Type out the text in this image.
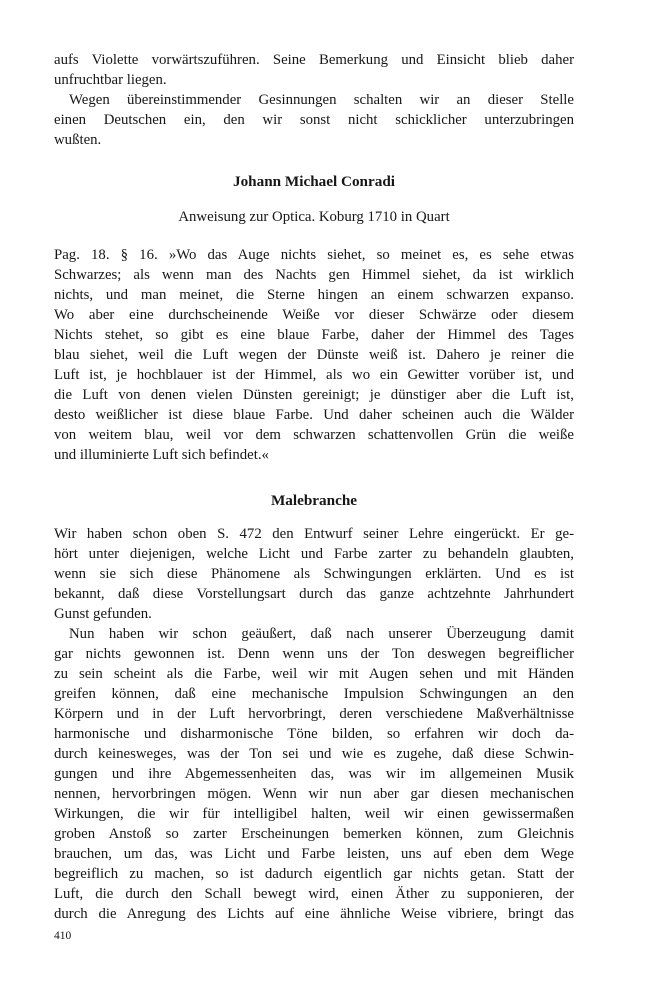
aufs Violette vorwärtszuführen. Seine Bemerkung und Einsicht blieb daher
unfruchtbar liegen.
Wegen übereinstimmender Gesinnungen schalten wir an dieser Stelle
einen Deutschen ein, den wir sonst nicht schicklicher unterzubringen
wußten.
Johann Michael Conradi
Anweisung zur Optica. Koburg 1710 in Quart
Pag. 18. § 16. »Wo das Auge nichts siehet, so meinet es, es sehe etwas
Schwarzes; als wenn man des Nachts gen Himmel siehet, da ist wirklich
nichts, und man meinet, die Sterne hingen an einem schwarzen expanso.
Wo aber eine durchscheinende Weiße vor dieser Schwärze oder diesem
Nichts stehet, so gibt es eine blaue Farbe, daher der Himmel des Tages
blau siehet, weil die Luft wegen der Dünste weiß ist. Dahero je reiner die
Luft ist, je hochblauer ist der Himmel, als wo ein Gewitter vorüber ist, und
die Luft von denen vielen Dünsten gereinigt; je dünstiger aber die Luft ist,
desto weißlicher ist diese blaue Farbe. Und daher scheinen auch die Wälder
von weitem blau, weil vor dem schwarzen schattenvollen Grün die weiße
und illuminierte Luft sich befindet.«
Malebranche
Wir haben schon oben S. 472 den Entwurf seiner Lehre eingerückt. Er ge-
hört unter diejenigen, welche Licht und Farbe zarter zu behandeln glaubten,
wenn sie sich diese Phänomene als Schwingungen erklärten. Und es ist
bekannt, daß diese Vorstellungsart durch das ganze achtzehnte Jahrhundert
Gunst gefunden.
Nun haben wir schon geäußert, daß nach unserer Überzeugung damit
gar nichts gewonnen ist. Denn wenn uns der Ton deswegen begreiflicher
zu sein scheint als die Farbe, weil wir mit Augen sehen und mit Händen
greifen können, daß eine mechanische Impulsion Schwingungen an den
Körpern und in der Luft hervorbringt, deren verschiedene Maßverhältnisse
harmonische und disharmonische Töne bilden, so erfahren wir doch da-
durch keinesweges, was der Ton sei und wie es zugehe, daß diese Schwin-
gungen und ihre Abgemessenheiten das, was wir im allgemeinen Musik
nennen, hervorbringen mögen. Wenn wir nun aber gar diesen mechanischen
Wirkungen, die wir für intelligibel halten, weil wir einen gewissermaßen
groben Anstoß so zarter Erscheinungen bemerken können, zum Gleichnis
brauchen, um das, was Licht und Farbe leisten, uns auf eben dem Wege
begreiflich zu machen, so ist dadurch eigentlich gar nichts getan. Statt der
Luft, die durch den Schall bewegt wird, einen Äther zu supponieren, der
durch die Anregung des Lichts auf eine ähnliche Weise vibriere, bringt das
410
